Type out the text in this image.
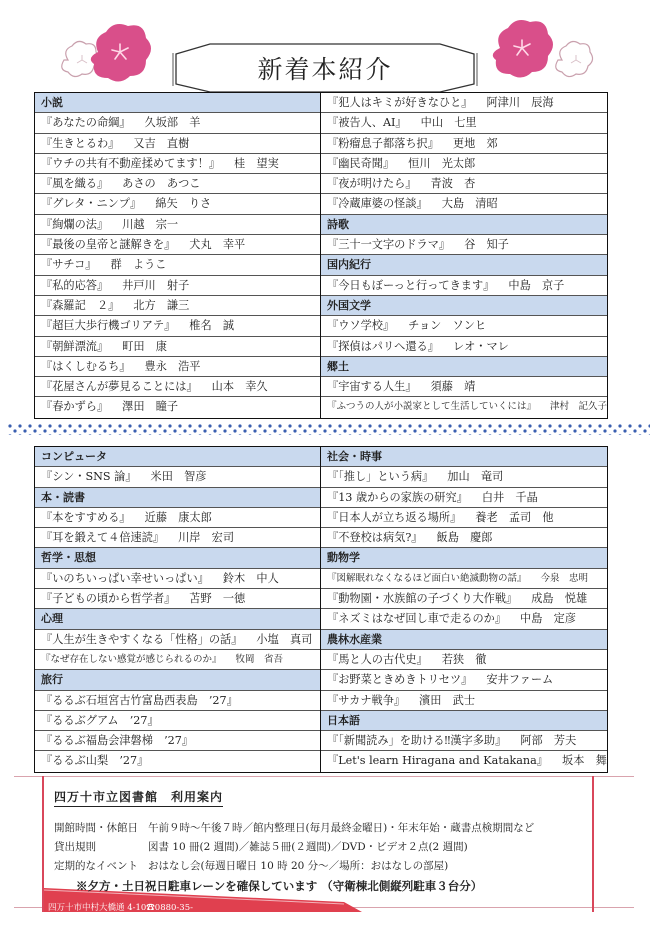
新着本紹介
小説
『あなたの命綱』 久坂部　羊
『生きとるわ』 又吉　直樹
『ウチの共有不動産揉めてます！』 桂　望実
『風を織る』 あさの　あつこ
『グレタ・ニンプ』 綿矢　りさ
『絢爛の法』 川越　宗一
『最後の皇帝と謎解きを』 犬丸　幸平
『サチコ』 群　ようこ
『私的応答』 井戸川　射子
『森羅記　２』 北方　謙三
『超巨大歩行機ゴリアテ』 椎名　誠
『朝鮮漂流』 町田　康
『はくしむるち』 豊永　浩平
『花屋さんが夢見ることには』 山本　幸久
『春かずら』 澤田　瞳子
『犯人はキミが好きなひと』 阿津川　辰海
『被告人、AI』 中山　七里
『粉瘤息子都落ち択』 更地　郊
『幽民奇聞』 恒川　光太郎
『夜が明けたら』 青波　杏
『冷蔵庫婆の怪談』 大島　清昭
詩歌
『三十一文字のドラマ』 谷　知子
国内紀行
『今日もぼーっと行ってきます』 中島　京子
外国文学
『ウソ学校』 チョン　ソンヒ
『探偵はパリへ還る』 レオ・マレ
郷土
『宇宙する人生』 須藤　靖
『ふつうの人が小説家として生活していくには』 津村　記久子
コンピュータ
『シン・SNS 論』 米田　智彦
本・読書
『本をすすめる』 近藤　康太郎
『耳を鍛えて４倍速読』 川岸　宏司
哲学・思想
『いのちいっぱい幸せいっぱい』 鈴木　中人
『子どもの頃から哲学者』 苫野　一徳
心理
『人生が生きやすくなる「性格」の話』 小塩　真司
『なぜ存在しない感覚が感じられるのか』 牧岡　省吾
旅行
『るるぶ石垣宮古竹富島西表島　’27』
『るるぶグアム　’27』
『るるぶ福島会津磐梯　’27』
『るるぶ山梨　’27』
社会・時事
『「推し」という病』 加山　竜司
『13 歳からの家族の研究』 白井　千晶
『日本人が立ち返る場所』 養老　孟司　他
『不登校は病気?』 飯島　慶郎
動物学
『図解眠れなくなるほど面白い絶滅動物の話』 今泉　忠明
『動物園・水族館の子づくり大作戦』 成島　悦雄
『ネズミはなぜ回し車で走るのか』 中島　定彦
農林水産業
『馬と人の古代史』 若狭　徹
『お野菜ときめきトリセツ』 安井ファーム
『サカナ戦争』 濱田　武士
日本語
『「新聞読み」を助ける‼漢字多助』 阿部　芳夫
『Let's learn Hiragana and Katakana』 坂本　舞
四万十市立図書館　利用案内
開館時間・休館日 午前９時〜午後７時／館内整理日(毎月最終金曜日)・年末年始・蔵書点検期間など
貸出規則	図書 10 冊(2 週間)／雑誌５冊(２週間)／DVD・ビデオ２点(2 週間)
定期的なイベント おはなし会(毎週日曜日 10 時 20 分〜／場所：おはなしの部屋)
※夕方・土日祝日駐車レーンを確保しています （守衛棟北側縦列駐車３台分）
四万十市中村大橋通 4-10☎0880-35-
